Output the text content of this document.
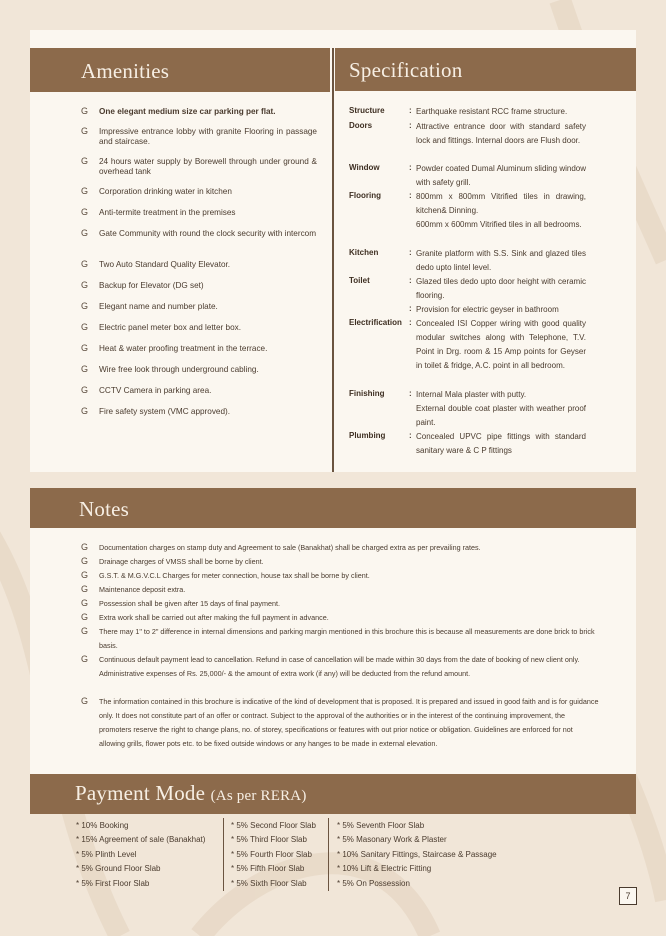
Amenities	Specification
G One elegant medium size car parking per flat.
G Impressive entrance lobby with granite Flooring in passage and staircase.
G 24 hours water supply by Borewell through under ground & overhead tank
G Corporation drinking water in kitchen
G Anti-termite treatment in the premises
G Gate Community with round the clock security with intercom
G Two Auto Standard Quality Elevator.
G Backup for Elevator (DG set)
G Elegant name and number plate.
G Electric panel meter box and letter box.
G Heat & water proofing treatment in the terrace.
G Wire free look through underground cabling.
G CCTV Camera in parking area.
G Fire safety system (VMC approved).
Structure	: Earthquake resistant RCC frame structure.
Doors	: Attractive entrance door with standard safety lock and fittings. Internal doors are Flush door.
Window	: Powder coated Dumal Aluminum sliding window with safety grill.
Flooring	: 800mm x 800mm Vitrified tiles in drawing, kitchen& Dinning.
600mm x 600mm Vitrified tiles in all bedrooms.
Kitchen	: Granite platform with S.S. Sink and glazed tiles dedo upto lintel level.
Toilet	: Glazed tiles dedo upto door height with ceramic flooring.
: Provision for electric geyser in bathroom
Electrification : Concealed ISI Copper wiring with good quality modular switches along with Telephone, T.V. Point in Drg. room & 15 Amp points for Geyser in toilet & fridge, A.C. point in all bedroom.
Finishing	: Internal Mala plaster with putty.
External double coat plaster with weather proof paint.
Plumbing	: Concealed UPVC pipe fittings with standard sanitary ware & C P fittings
Notes
G Documentation charges on stamp duty and Agreement to sale (Banakhat) shall be charged extra as per prevailing rates.
G Drainage charges of VMSS shall be borne by client.
G G.S.T. & M.G.V.C.L Charges for meter connection, house tax shall be borne by client.
G Maintenance deposit extra.
G Possession shall be given after 15 days of final payment.
G Extra work shall be carried out after making the full payment in advance.
G There may 1" to 2" difference in internal dimensions and parking margin mentioned in this brochure this is because all measurements are done brick to brick basis.
G Continuous default payment lead to cancellation. Refund in case of cancellation will be made within 30 days from the date of booking of new client only. Administrative expenses of Rs. 25,000/- & the amount of extra work (if any) will be deducted from the refund amount.
G The information contained in this brochure is indicative of the kind of development that is proposed. It is prepared and issued in good faith and is for guidance only. It does not constitute part of an offer or contract. Subject to the approval of the authorities or in the interest of the continuing improvement, the promoters reserve the right to change plans, no. of storey, specifications or features with out prior notice or obligation. Guidelines are enforced for not allowing grills, flower pots etc. to be fixed outside windows or any hanges to be made in external elevation.
Payment Mode (As per RERA)
* 10% Booking
* 15% Agreement of sale (Banakhat)
* 5% Plinth Level
* 5% Ground Floor Slab
* 5% First Floor Slab
* 5% Second Floor Slab
* 5% Third Floor Slab
* 5% Fourth Floor Slab
* 5% Fifth Floor Slab
* 5% Sixth Floor Slab
* 5% Seventh Floor Slab
* 5% Masonary Work & Plaster
* 10% Sanitary Fittings, Staircase & Passage
* 10% Lift & Electric Fitting
* 5% On Possession
7
